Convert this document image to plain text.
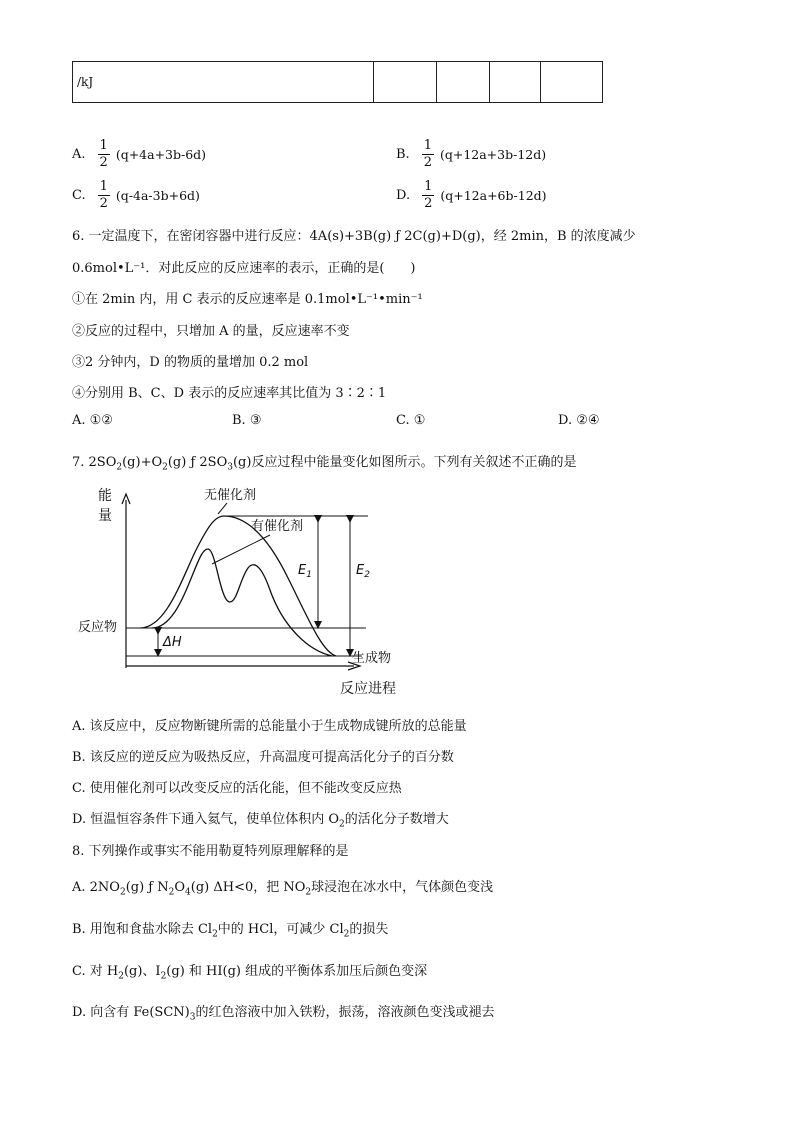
/kJ				
A. $\frac{1}{2} (q+4a+3b-6d)$	B. $\frac{1}{2} (q+12a+3b-12d)$
C. $\frac{1}{2} (q-4a-3b+6d)$	D. $\frac{1}{2} (q+12a+6b-12d)$
6. 一定温度下，在密闭容器中进行反应：4A(s)+3B(g) ƒ 2C(g)+D(g)，经 2min，B 的浓度减少
0.6mol•L⁻¹．对此反应的反应速率的表示，正确的是(　　)
①在 2min 内，用 C 表示的反应速率是 0.1mol•L⁻¹•min⁻¹
②反应的过程中，只增加 A 的量，反应速率不变
③2 分钟内，D 的物质的量增加 0.2 mol
④分别用 B、C、D 表示的反应速率其比值为 3∶2∶1
A. ①②	B. ③	C. ①	D. ②④
7. $2SO_2(g)+O_2(g)$ ƒ $2SO_3(g)$反应过程中能量变化如图所示。下列有关叙述不正确的是
能
量
反应进程
反应物
生成物
无催化剂
有催化剂
$E_1$	$E_2$
ΔH
A. 该反应中，反应物断键所需的总能量小于生成物成键所放的总能量
B. 该反应的逆反应为吸热反应，升高温度可提高活化分子的百分数
C. 使用催化剂可以改变反应的活化能，但不能改变反应热
D. 恒温恒容条件下通入氦气，使单位体积内 $O_2$的活化分子数增大
8. 下列操作或事实不能用勒夏特列原理解释的是
A. $2NO_2(g)$ ƒ $N_2O_4(g)$ ΔH<0，把 $NO_2$球浸泡在冰水中，气体颜色变浅
B. 用饱和食盐水除去 $Cl_2$中的 HCl，可减少 $Cl_2$的损失
C. 对 $H_2(g)$、$I_2(g)$ 和 HI(g) 组成的平衡体系加压后颜色变深
D. 向含有 $Fe(SCN)_3$的红色溶液中加入铁粉，振荡，溶液颜色变浅或褪去
